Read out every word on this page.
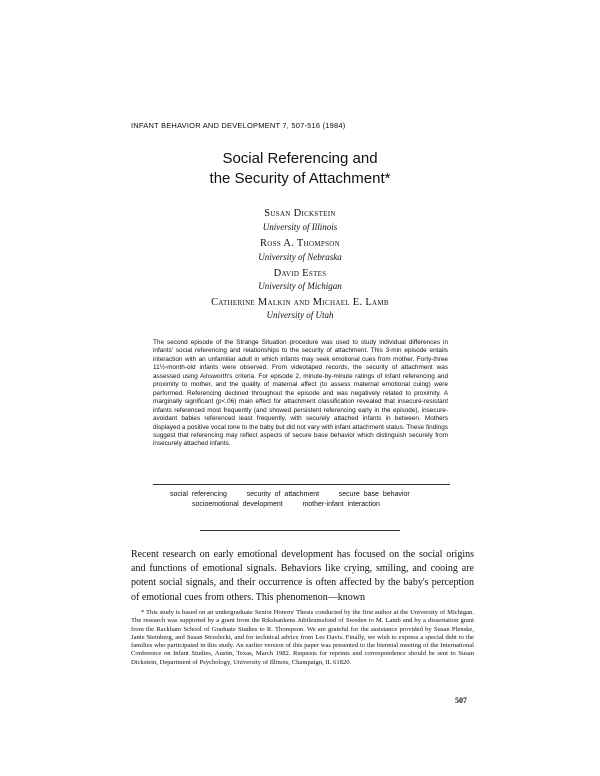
INFANT BEHAVIOR AND DEVELOPMENT 7, 507-516 (1984)
Social Referencing and
the Security of Attachment*
Susan Dickstein
University of Illinois
Ross A. Thompson
University of Nebraska
David Estes
University of Michigan
Catherine Malkin and Michael E. Lamb
University of Utah
The second episode of the Strange Situation procedure was used to study individual differences in infants' social referencing and relationships to the security of attachment. This 3-min episode entails interaction with an unfamiliar adult in which infants may seek emotional cues from mother. Forty-three 11½-month-old infants were observed. From videotaped records, the security of attachment was assessed using Ainsworth's criteria. For episode 2, minute-by-minute ratings of infant referencing and proximity to mother, and the quality of maternal affect (to assess maternal emotional cuing) were performed. Referencing declined throughout the episode and was negatively related to proximity. A marginally significant (p<.06) main effect for attachment classification revealed that insecure-resistant infants referenced most frequently (and showed persistent referencing early in the episode), insecure-avoidant babies referenced least frequently, with securely attached infants in between. Mothers displayed a positive vocal tone to the baby but did not vary with infant attachment status. These findings suggest that referencing may reflect aspects of secure base behavior which distinguish securely from insecurely attached infants.
social referencing     security of attachment     secure base behavior
socioemotional development     mother-infant interaction
Recent research on early emotional development has focused on the social origins and functions of emotional signals. Behaviors like crying, smiling, and cooing are potent social signals, and their occurrence is often affected by the baby's perception of emotional cues from others. This phenomenon—known
* This study is based on an undergraduate Senior Honors' Thesis conducted by the first author at the University of Michigan. The research was supported by a grant from the Riksbankens Jubileumsfond of Sweden to M. Lamb and by a dissertation grant from the Rackham School of Graduate Studies to R. Thompson. We are grateful for the assistance provided by Susan Plenske, Janie Steinberg, and Susan Strzelecki, and for technical advice from Les Davis. Finally, we wish to express a special debt to the families who participated in this study. An earlier version of this paper was presented to the biennial meeting of the International Conference on Infant Studies, Austin, Texas, March 1982. Requests for reprints and correspondence should be sent to Susan Dickstein, Department of Psychology, University of Illinois, Champaign, IL 61820.
507
